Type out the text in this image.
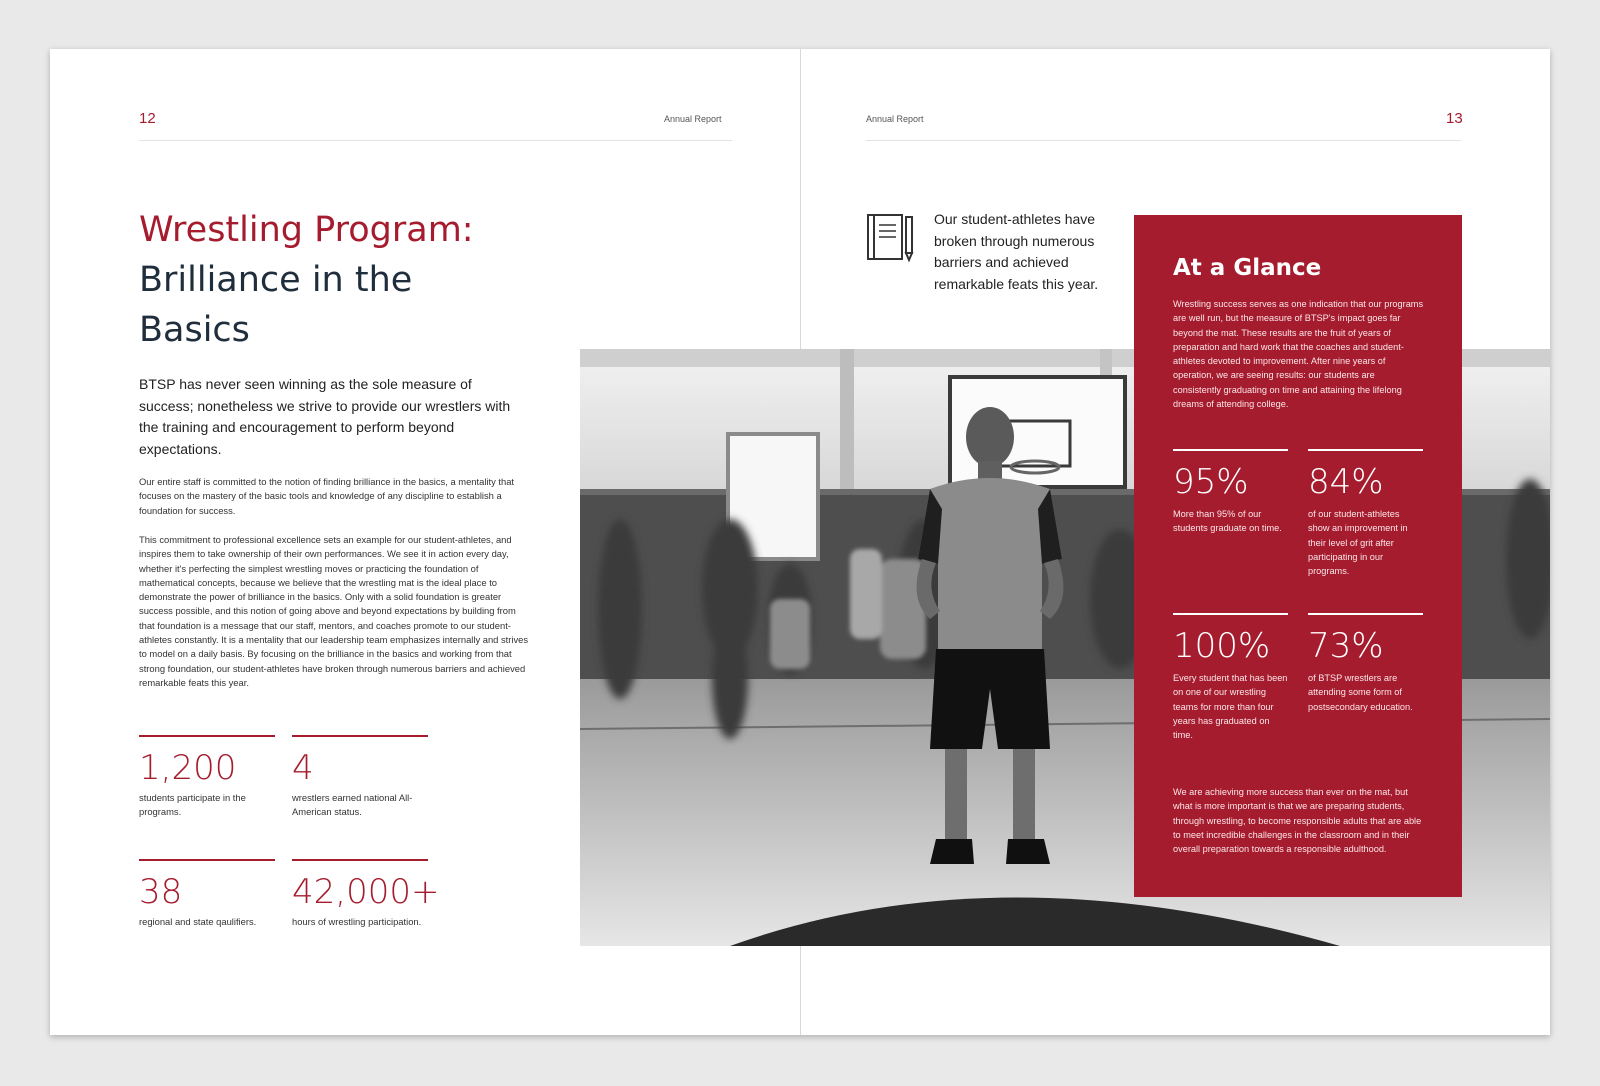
12	Annual Report
Wrestling Program:
Brilliance in the
Basics
BTSP has never seen winning as the sole measure of success; nonetheless we strive to provide our wrestlers with the training and encouragement to perform beyond expectations.
Our entire staff is committed to the notion of finding brilliance in the basics, a mentality that focuses on the mastery of the basic tools and knowledge of any discipline to establish a foundation for success.
This commitment to professional excellence sets an example for our student-athletes, and inspires them to take ownership of their own performances. We see it in action every day, whether it's perfecting the simplest wrestling moves or practicing the foundation of mathematical concepts, because we believe that the wrestling mat is the ideal place to demonstrate the power of brilliance in the basics. Only with a solid foundation is greater success possible, and this notion of going above and beyond expectations by building from that foundation is a message that our staff, mentors, and coaches promote to our student-athletes constantly. It is a mentality that our leadership team emphasizes internally and strives to model on a daily basis. By focusing on the brilliance in the basics and working from that strong foundation, our student-athletes have broken through numerous barriers and achieved remarkable feats this year.
1,200
students participate in the programs.
4
wrestlers earned national All-American status.
38
regional and state qaulifiers.
42,000+
hours of wrestling participation.
Annual Report	13
Our student-athletes have broken through numerous barriers and achieved remarkable feats this year.
At a Glance
Wrestling success serves as one indication that our programs are well run, but the measure of BTSP's impact goes far beyond the mat. These results are the fruit of years of preparation and hard work that the coaches and student-athletes devoted to improvement. After nine years of operation, we are seeing results: our students are consistently graduating on time and attaining the lifelong dreams of attending college.
95%
More than 95% of our students graduate on time.
84%
of our student-athletes show an improvement in their level of grit after participating in our programs.
100%
Every student that has been on one of our wrestling teams for more than four years has graduated on time.
73%
of BTSP wrestlers are attending some form of postsecondary education.
We are achieving more success than ever on the mat, but what is more important is that we are preparing students, through wrestling, to become responsible adults that are able to meet incredible challenges in the classroom and in their overall preparation towards a responsible adulthood.
